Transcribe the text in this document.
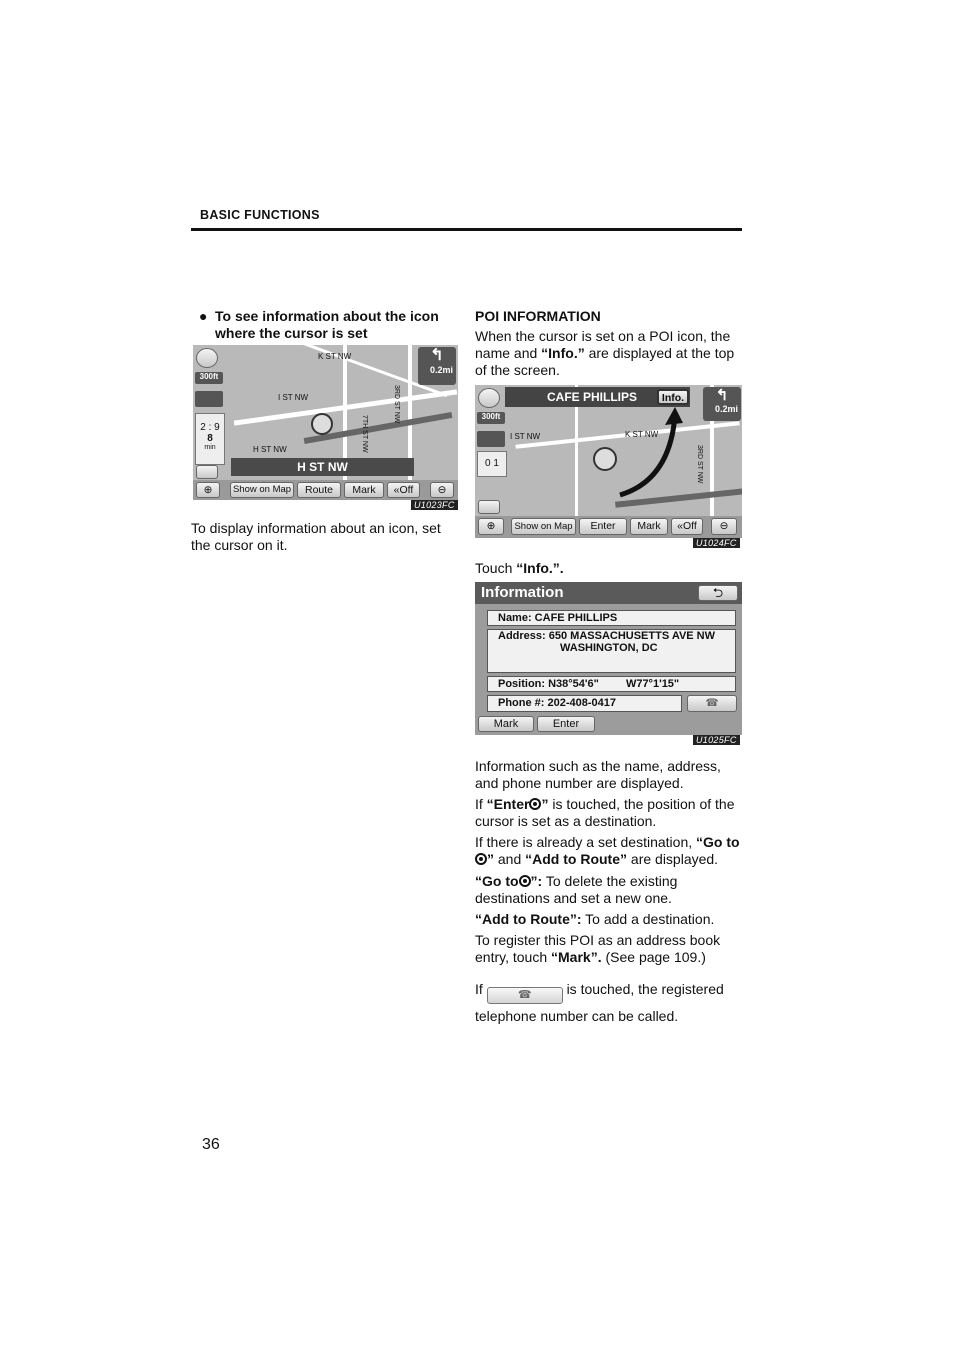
BASIC FUNCTIONS
● To see information about the icon where the cursor is set
K ST NW
I ST NW
H ST NW
3RD ST NW
7TH ST NW
300ft
2 : 9
8
min
↰
0.2mi
H ST NW
⊕	Show on Map	Route	Mark	«Off	⊖
U1023FC
To display information about an icon, set the cursor on it.
POI INFORMATION
When the cursor is set on a POI icon, the name and “Info.” are displayed at the top of the screen.
K ST NW
I ST NW
3RD ST NW
CAFE PHILLIPS	Info.
300ft
0 1
↰
0.2mi
⊕	Show on Map	Enter	Mark	«Off	⊖
U1024FC
Touch “Info.”.
Information	⮌
Name: CAFE PHILLIPS
Address: 650 MASSACHUSETTS AVE NW
WASHINGTON, DC
Position: N38°54'6" W77°1'15"
Phone #: 202-408-0417	☎
Mark	Enter
U1025FC
Information such as the name, address, and phone number are displayed.
If “Enter ” is touched, the position of the cursor is set as a destination.
If there is already a set destination, “Go to ” and “Add to Route” are displayed.
“Go to ”: To delete the existing destinations and set a new one.
“Add to Route”: To add a destination.
To register this POI as an address book entry, touch “Mark”. (See page 109.)
If	☎	is touched, the registered telephone number can be called.
36
